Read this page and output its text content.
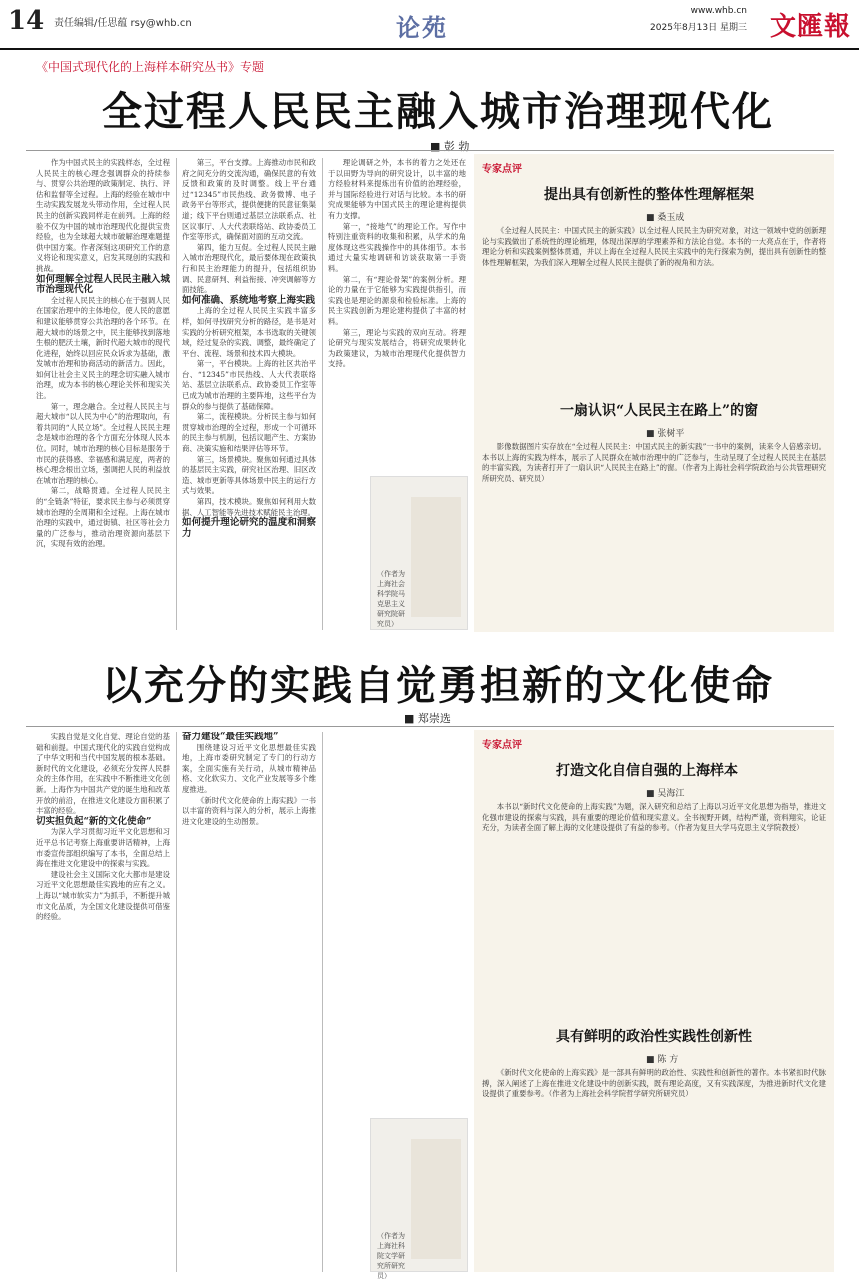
14 责任编辑/任思蕴 rsy@whb.cn	论苑
www.whb.cn
2025年8月13日 星期三 文匯報
《中国式现代化的上海样本研究丛书》专题
全过程人民民主融入城市治理现代化
■ 彭 勃

作为中国式民主的实践样态，全过程人民民主的核心理念强调群众的持续参与、贯穿公共治理的政策制定、执行、评估和监督等全过程。上海的经验在城市中生动实践发展龙头带动作用，全过程人民民主的创新实践同样走在前列。上海的经验不仅为中国的城市治理现代化提供宝贵经验，也为全球超大城市破解治理难题提供中国方案。作者深刻这项研究工作的意义将论和现实意义，启发其现创的实践和挑战。

如何理解全过程人民民主融入城市治理现代化

全过程人民民主的核心在于强调人民在国家治理中的主体地位，使人民的意愿和建议能够贯穿公共治理的各个环节。在超大城市的场景之中，民主能够找到落地生根的肥沃土壤，新时代超大城市的现代化进程，始终以回应民众诉求为基础，激发城市治理和协商活动的新活力。因此，如何让社会主义民主的理念切实融入城市治理，成为本书的核心理论关怀和现实关注。

第一，理念融合。全过程人民民主与超大城市“以人民为中心”的治理取向，有着共同的“人民立场”。全过程人民民主理念是城市治理的各个方面充分体现人民本位。同时，城市治理的核心目标是服务于市民的获得感、幸福感和满足度，两者的核心理念根出立场，强调把人民的利益放在城市治理的核心。

第二，战略贯通。全过程人民民主的“全链条”特征，要求民主参与必须贯穿城市治理的全周期和全过程。上海在城市治理的实践中，通过街镇、社区等社会力量的广泛参与，推动治理资源向基层下沉，实现有效的治理。

第三，平台支撑。上海推动市民和政府之间充分的交流沟通，确保民意的有效反馈和政策的及时调整。线上平台通过“12345”市民热线、政务微博、电子政务平台等形式，提供便捷的民意征集渠道；线下平台则通过基层立法联系点、社区议事厅、人大代表联络站、政协委员工作室等形式，确保面对面的互动交流。

第四，能力互促。全过程人民民主融入城市治理现代化，最后要体现在政策执行和民主治理能力的提升，包括组织协调、民意研判、利益衔接、冲突调解等方面技能。

如何准确、系统地考察上海实践

上海的全过程人民民主实践丰富多样，如何寻找研究分析的路径，是书是对实践的分析研究框架，本书选取的关键领域，经过复杂的实践、调整，最终确定了平台、流程、场景和技术四大模块。

第一，平台模块。上海的社区共治平台、“12345”市民热线、人大代表联络站、基层立法联系点、政协委员工作室等已成为城市治理的主要阵地，这些平台为群众的参与提供了基础保障。

第二，流程模块。分析民主参与如何贯穿城市治理的全过程，形成一个可循环的民主参与机制，包括议题产生、方案协商、决策实施和结果评估等环节。

第三，场景模块。聚焦如何通过具体的基层民主实践，研究社区治理、旧区改造、城市更新等具体场景中民主的运行方式与效果。

第四，技术模块。聚焦如何利用大数据、人工智能等先进技术赋能民主治理。

如何提升理论研究的温度和洞察力

理论调研之外，本书的着力之处还在于以田野为导向的研究设计，以丰富的地方经验材料来提炼出有价值的治理经验，并与国际经验进行对话与比较。本书的研究成果能够为中国式民主的理论建构提供有力支撑。

第一，“接地气”的理论工作。写作中特别注重资料的收集和积累，从学术的角度体现这些实践操作中的具体细节。本书通过大量实地调研和访谈获取第一手资料。

第二，有“理论骨架”的案例分析。理论的力量在于它能够为实践提供指引，而实践也是理论的源泉和检验标准。上海的民主实践创新为理论建构提供了丰富的材料。

第三，理论与实践的双向互动。将理论研究与现实发展结合，将研究成果转化为政策建议，为城市治理现代化提供智力支持。

（作者为上海社会科学院马克思主义研究院研究员）
专家点评
提出具有创新性的整体性理解框架
■ 桑玉成

《全过程人民民主：中国式民主的新实践》以全过程人民民主为研究对象，对这一领域中党的创新理论与实践做出了系统性的理论梳理，体现出深厚的学理素养和方法论自觉。本书的一大亮点在于，作者将理论分析和实践案例整体贯通，并以上海在全过程人民民主实践中的先行探索为例，提出具有创新性的整体性理解框架，为我们深入理解全过程人民民主提供了新的视角和方法。

一扇认识“人民民主在路上”的窗
■ 张树平

影像数据图片实存放在“全过程人民民主：中国式民主的新实践”一书中的案例，读来令人倍感亲切。本书以上海的实践为样本，展示了人民群众在城市治理中的广泛参与，生动呈现了全过程人民民主在基层的丰富实践，为读者打开了一扇认识“人民民主在路上”的窗。（作者为上海社会科学院政治与公共管理研究所研究员、研究员）

以充分的实践自觉勇担新的文化使命
■ 郑崇选

实践自觉是文化自觉、理论自觉的基础和前提。中国式现代化的实践自觉构成了中华文明和当代中国发展的根本基础。新时代的文化建设，必须充分发挥人民群众的主体作用，在实践中不断推进文化创新。上海作为中国共产党的诞生地和改革开放的前沿，在推进文化建设方面积累了丰富的经验。

切实担负起“新的文化使命”

为深入学习贯彻习近平文化思想和习近平总书记考察上海重要讲话精神，上海市委宣传部组织编写了本书，全面总结上海在推进文化建设中的探索与实践。

建设社会主义国际文化大都市是建设习近平文化思想最佳实践地的应有之义。上海以“城市软实力”为抓手，不断提升城市文化品质，为全国文化建设提供可借鉴的经验。

奋力建设“最佳实践地”

围绕建设习近平文化思想最佳实践地，上海市委研究制定了专门的行动方案，全面实施有关行动，从城市精神品格、文化软实力、文化产业发展等多个维度推进。

《新时代文化使命的上海实践》一书以丰富的资料与深入的分析，展示上海推进文化建设的生动图景。

（作者为上海社科院文学研究所研究员）
专家点评
打造文化自信自强的上海样本
■ 吴海江

本书以“新时代文化使命的上海实践”为题，深入研究和总结了上海以习近平文化思想为指导，推进文化强市建设的探索与实践，具有重要的理论价值和现实意义。全书视野开阔，结构严谨，资料翔实，论证充分，为读者全面了解上海的文化建设提供了有益的参考。（作者为复旦大学马克思主义学院教授）

具有鲜明的政治性实践性创新性
■ 陈 方

《新时代文化使命的上海实践》是一部具有鲜明的政治性、实践性和创新性的著作。本书紧扣时代脉搏，深入阐述了上海在推进文化建设中的创新实践，既有理论高度，又有实践深度，为推进新时代文化建设提供了重要参考。（作者为上海社会科学院哲学研究所研究员）
